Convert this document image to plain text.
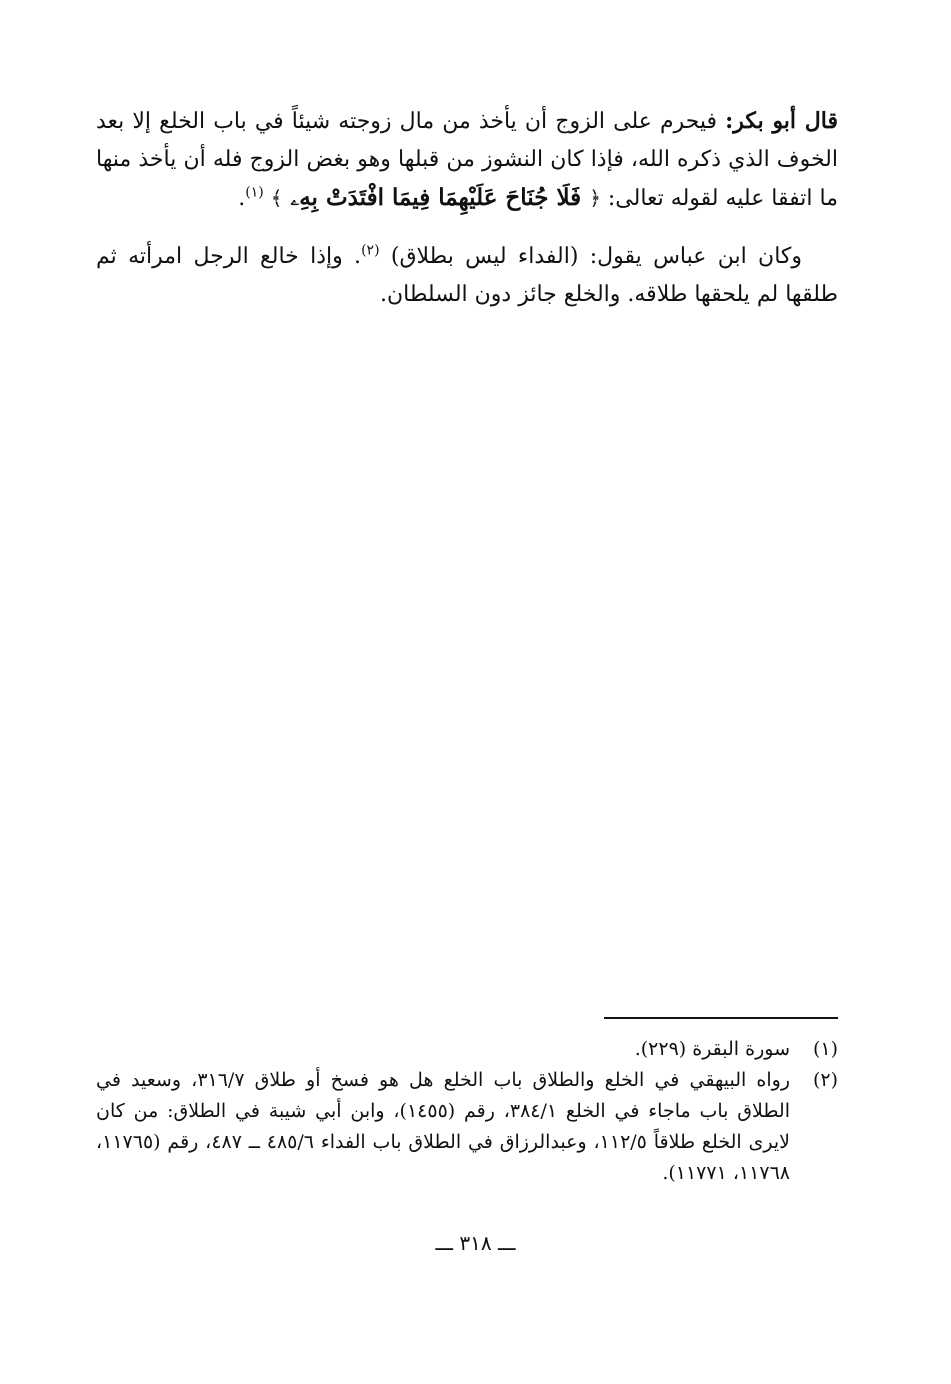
قال أبو بكر: فيحرم على الزوج أن يأخذ من مال زوجته شيئاً في باب الخلع إلا بعد الخوف الذي ذكره الله، فإذا كان النشوز من قبلها وهو بغض الزوج فله أن يأخذ منها ما اتفقا عليه لقوله تعالى: ﴿ فَلَا جُنَاحَ عَلَيْهِمَا فِيمَا افْتَدَتْ بِهِۦ ﴾ $^{(١)}$.

وكان ابن عباس يقول: (الفداء ليس بطلاق) $^{(٢)}$. وإذا خالع الرجل امرأته ثم طلقها لم يلحقها طلاقه. والخلع جائز دون السلطان.

(١)
سورة البقرة (٢٢٩).
(٢)
رواه البيهقي في الخلع والطلاق باب الخلع هل هو فسخ أو طلاق ٣١٦/٧، وسعيد في الطلاق باب ماجاء في الخلع ٣٨٤/١، رقم (١٤٥٥)، وابن أبي شيبة في الطلاق: من كان لايرى الخلع طلاقاً ١١٢/٥، وعبدالرزاق في الطلاق باب الفداء ٤٨٥/٦ ــ ٤٨٧، رقم (١١٧٦٥، ١١٧٦٨، ١١٧٧١).
ـــ ٣١٨ ـــ
